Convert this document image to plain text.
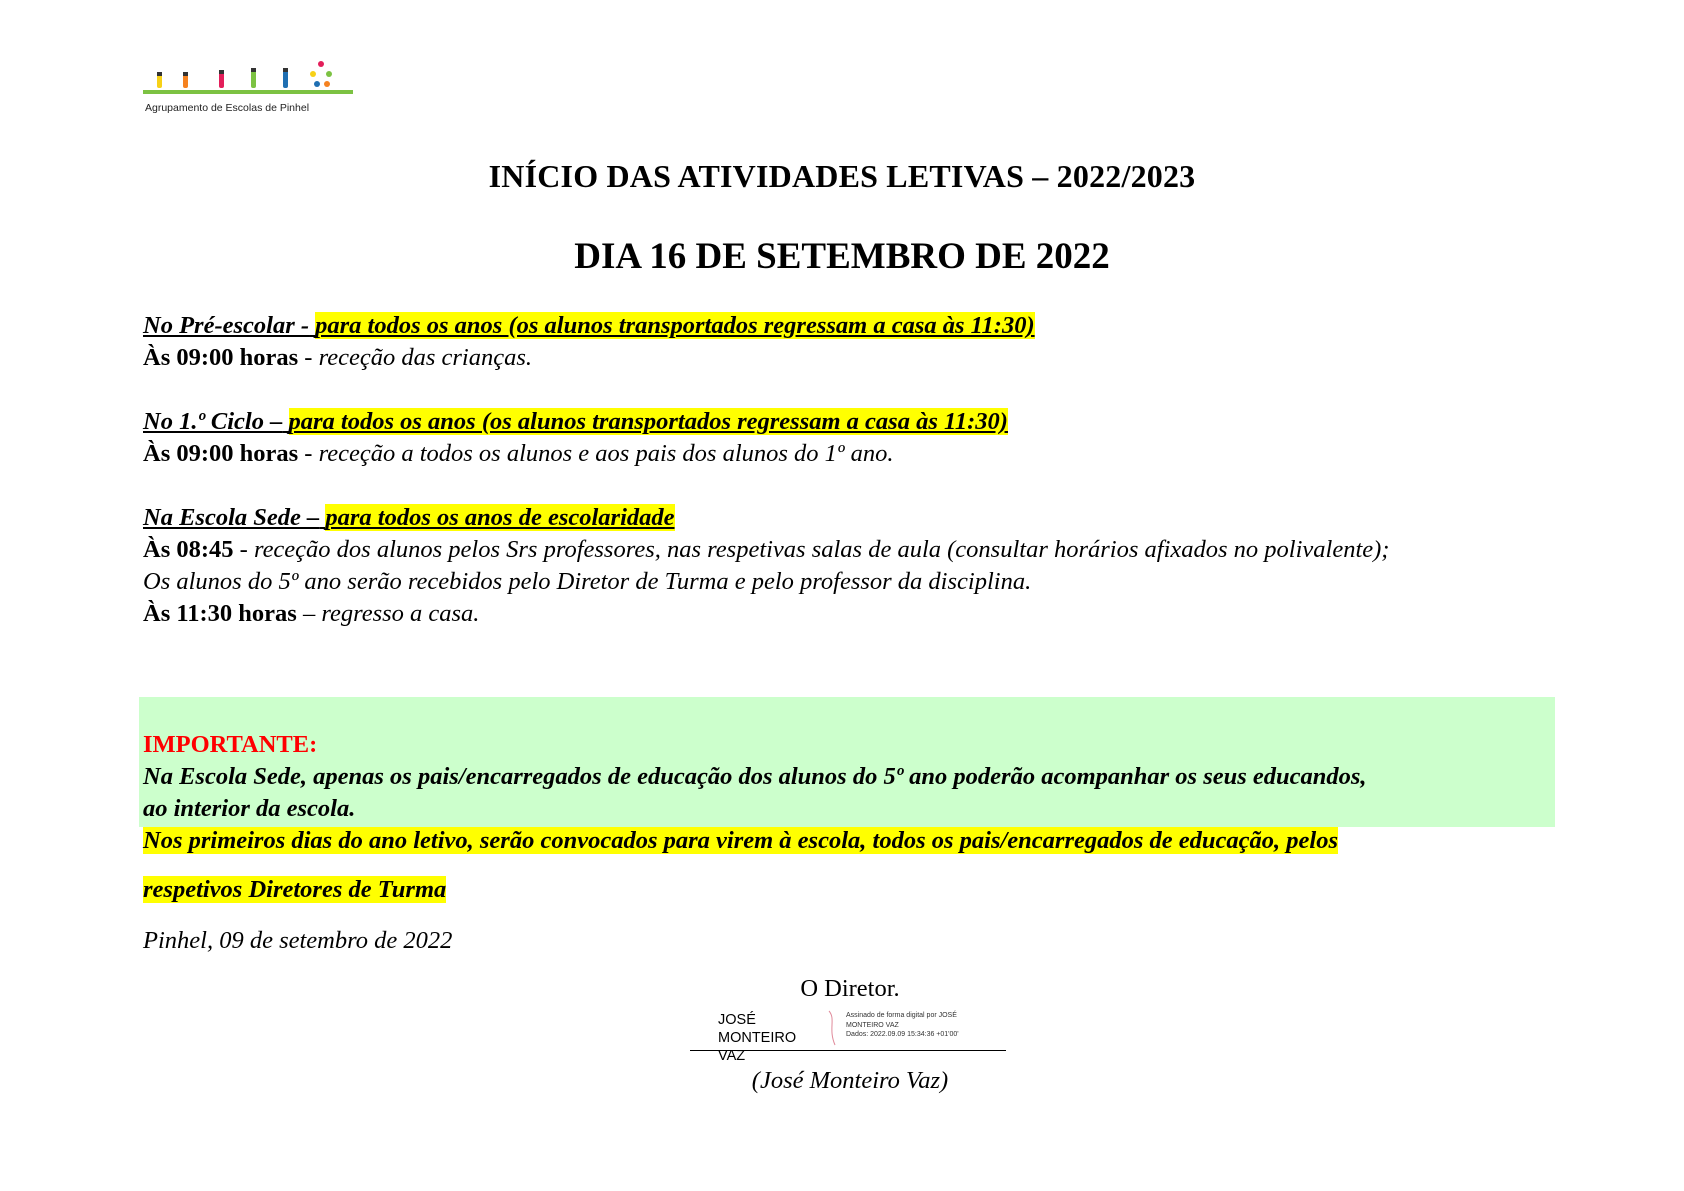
Agrupamento de Escolas de Pinhel
INÍCIO DAS ATIVIDADES LETIVAS – 2022/2023
DIA 16 DE SETEMBRO DE 2022
No Pré-escolar - para todos os anos (os alunos transportados regressam a casa às 11:30)
Às 09:00 horas - receção das crianças.
No 1.º Ciclo – para todos os anos (os alunos transportados regressam a casa às 11:30)
Às 09:00 horas - receção a todos os alunos e aos pais dos alunos do 1º ano.
Na Escola Sede – para todos os anos de escolaridade
Às 08:45 - receção dos alunos pelos Srs professores, nas respetivas salas de aula (consultar horários afixados no polivalente);
Os alunos do 5º ano serão recebidos pelo Diretor de Turma e pelo professor da disciplina.
Às 11:30 horas – regresso a casa.
IMPORTANTE:
Na Escola Sede, apenas os pais/encarregados de educação dos alunos do 5º ano poderão acompanhar os seus educandos,
ao interior da escola.
Nos primeiros dias do ano letivo, serão convocados para virem à escola, todos os pais/encarregados de educação, pelos
respetivos Diretores de Turma
Pinhel, 09 de setembro de 2022
O Diretor.
JOSÉ MONTEIRO
VAZ
Assinado de forma digital por JOSÉ
MONTEIRO VAZ
Dados: 2022.09.09 15:34:36 +01'00'
(José Monteiro Vaz)
